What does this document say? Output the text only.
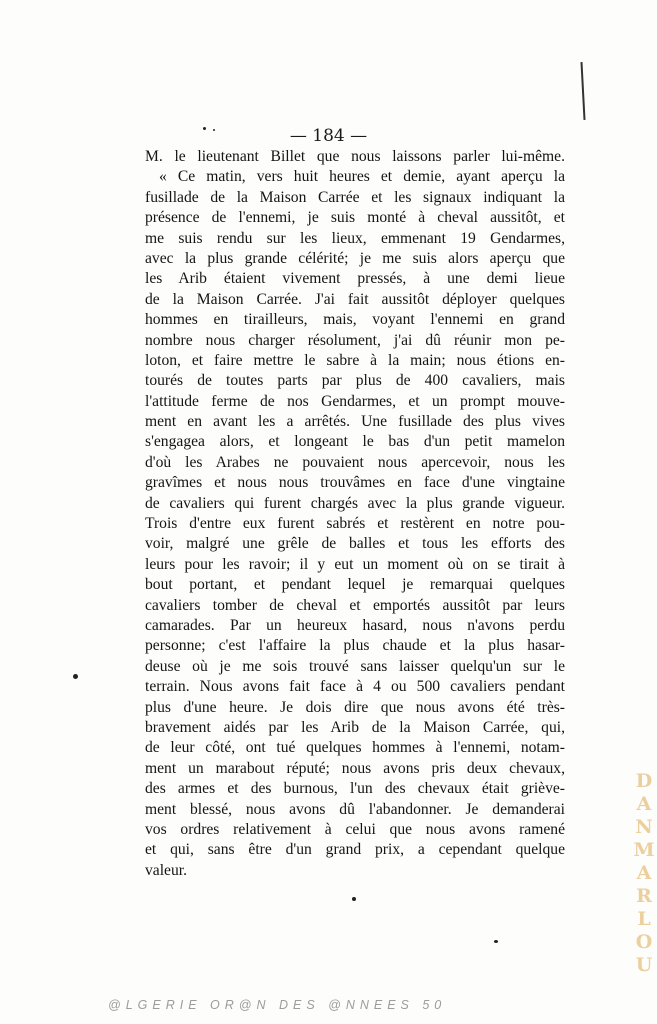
— 184 —
M. le lieutenant Billet que nous laissons parler lui-même.
« Ce matin, vers huit heures et demie, ayant aperçu la
fusillade de la Maison Carrée et les signaux indiquant la
présence de l'ennemi, je suis monté à cheval aussitôt, et
me suis rendu sur les lieux, emmenant 19 Gendarmes,
avec la plus grande célérité; je me suis alors aperçu que
les Arib étaient vivement pressés, à une demi lieue
de la Maison Carrée. J'ai fait aussitôt déployer quelques
hommes en tirailleurs, mais, voyant l'ennemi en grand
nombre nous charger résolument, j'ai dû réunir mon pe-
loton, et faire mettre le sabre à la main; nous étions en-
tourés de toutes parts par plus de 400 cavaliers, mais
l'attitude ferme de nos Gendarmes, et un prompt mouve-
ment en avant les a arrêtés. Une fusillade des plus vives
s'engagea alors, et longeant le bas d'un petit mamelon
d'où les Arabes ne pouvaient nous apercevoir, nous les
gravîmes et nous nous trouvâmes en face d'une vingtaine
de cavaliers qui furent chargés avec la plus grande vigueur.
Trois d'entre eux furent sabrés et restèrent en notre pou-
voir, malgré une grêle de balles et tous les efforts des
leurs pour les ravoir; il y eut un moment où on se tirait à
bout portant, et pendant lequel je remarquai quelques
cavaliers tomber de cheval et emportés aussitôt par leurs
camarades. Par un heureux hasard, nous n'avons perdu
personne; c'est l'affaire la plus chaude et la plus hasar-
deuse où je me sois trouvé sans laisser quelqu'un sur le
terrain. Nous avons fait face à 4 ou 500 cavaliers pendant
plus d'une heure. Je dois dire que nous avons été très-
bravement aidés par les Arib de la Maison Carrée, qui,
de leur côté, ont tué quelques hommes à l'ennemi, notam-
ment un marabout réputé; nous avons pris deux chevaux,
des armes et des burnous, l'un des chevaux était griève-
ment blessé, nous avons dû l'abandonner. Je demanderai
vos ordres relativement à celui que nous avons ramené
et qui, sans être d'un grand prix, a cependant quelque
valeur.	DANMARLOU
@LGERIE OR@N DES @NNEES 50
